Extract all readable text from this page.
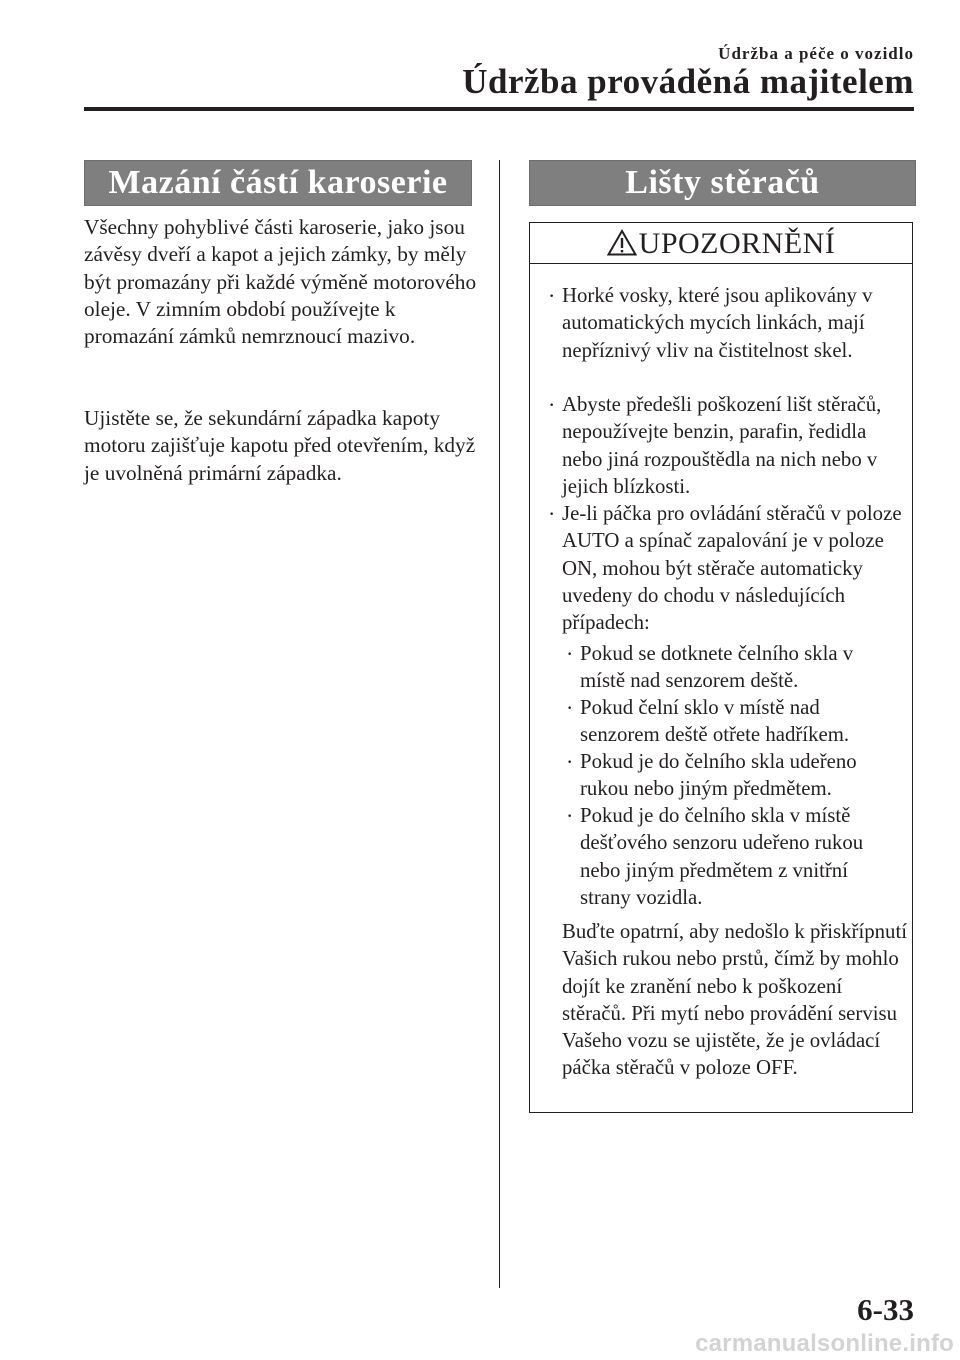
Údržba a péče o vozidlo
Údržba prováděná majitelem
Mazání částí karoserie

Všechny pohyblivé části karoserie, jako jsou závěsy dveří a kapot a jejich zámky, by měly být promazány při každé výměně motorového oleje. V zimním období používejte k promazání zámků nemrznoucí mazivo.

Ujistěte se, že sekundární západka kapoty motoru zajišťuje kapotu před otevřením, když je uvolněná primární západka.

Lišty stěračů
UPOZORNĚNÍ
· Horké vosky, které jsou aplikovány v automatických mycích linkách, mají nepříznivý vliv na čistitelnost skel.
· Abyste předešli poškození lišt stěračů, nepoužívejte benzin, parafin, ředidla nebo jiná rozpouštědla na nich nebo v jejich blízkosti.
· Je-li páčka pro ovládání stěračů v poloze AUTO a spínač zapalování je v poloze ON, mohou být stěrače automaticky uvedeny do chodu v následujících případech:
· Pokud se dotknete čelního skla v místě nad senzorem deště.
· Pokud čelní sklo v místě nad senzorem deště otřete hadříkem.
· Pokud je do čelního skla udeřeno rukou nebo jiným předmětem.
· Pokud je do čelního skla v místě dešťového senzoru udeřeno rukou nebo jiným předmětem z vnitřní strany vozidla.
Buďte opatrní, aby nedošlo k přiskřípnutí Vašich rukou nebo prstů, čímž by mohlo dojít ke zranění nebo k poškození stěračů. Při mytí nebo provádění servisu Vašeho vozu se ujistěte, že je ovládací páčka stěračů v poloze OFF.
6-33
carmanualsonline.info
